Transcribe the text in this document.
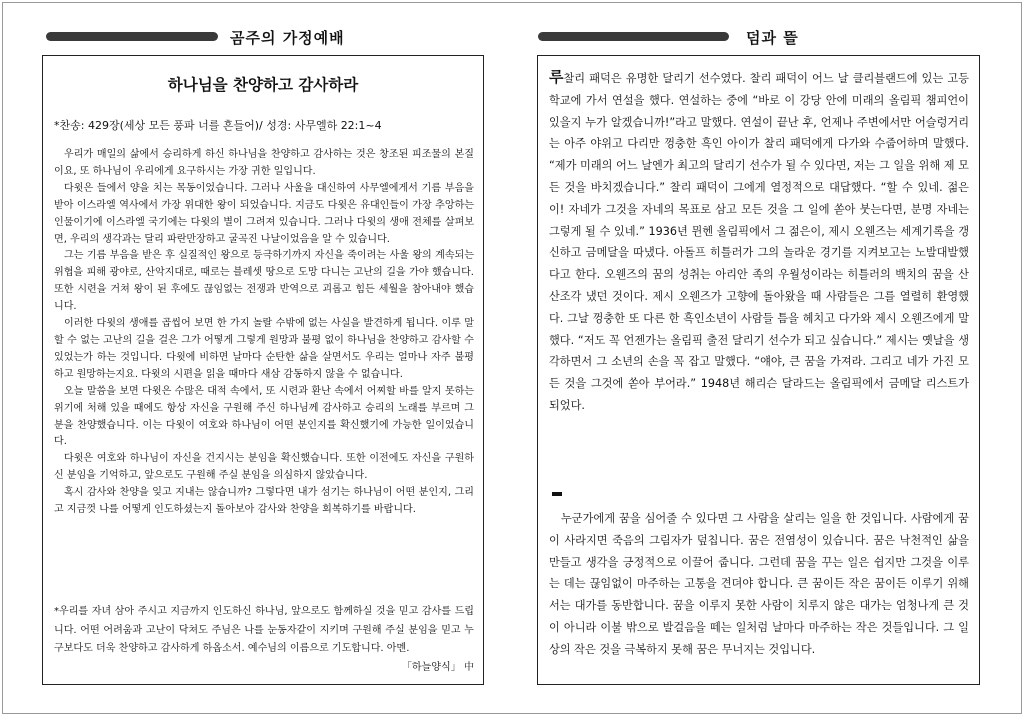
곰주의 가정예배	덤과 뜰
하나님을 찬양하고 감사하라
*찬송: 429장(세상 모든 풍파 너를 흔들어)/ 성경: 사무엘하 22:1~4

우리가 매일의 삶에서 승리하게 하신 하나님을 찬양하고 감사하는 것은 창조된 피조물의 본질이요, 또 하나님이 우리에게 요구하시는 가장 귀한 일입니다.

다윗은 들에서 양을 치는 목동이었습니다. 그러나 사울을 대신하여 사무엘에게서 기름 부음을 받아 이스라엘 역사에서 가장 위대한 왕이 되었습니다. 지금도 다윗은 유대인들이 가장 추앙하는 인물이기에 이스라엘 국기에는 다윗의 별이 그려져 있습니다. 그러나 다윗의 생애 전체를 살펴보면, 우리의 생각과는 달리 파란만장하고 굴곡진 나날이었음을 알 수 있습니다.

그는 기름 부음을 받은 후 실질적인 왕으로 등극하기까지 자신을 죽이려는 사울 왕의 계속되는 위협을 피해 광야로, 산악지대로, 때로는 블레셋 땅으로 도망 다니는 고난의 길을 가야 했습니다. 또한 시련을 거쳐 왕이 된 후에도 끊임없는 전쟁과 반역으로 괴롭고 힘든 세월을 참아내야 했습니다.

이러한 다윗의 생애를 곱씹어 보면 한 가지 놀랄 수밖에 없는 사실을 발견하게 됩니다. 이루 말할 수 없는 고난의 길을 걸은 그가 어떻게 그렇게 원망과 불평 없이 하나님을 찬양하고 감사할 수 있었는가 하는 것입니다. 다윗에 비하면 날마다 순탄한 삶을 살면서도 우리는 얼마나 자주 불평하고 원망하는지요. 다윗의 시편을 읽을 때마다 새삼 감동하지 않을 수 없습니다.

오늘 말씀을 보면 다윗은 수많은 대적 속에서, 또 시련과 환난 속에서 어찌할 바를 알지 못하는 위기에 처해 있을 때에도 항상 자신을 구원해 주신 하나님께 감사하고 승리의 노래를 부르며 그분을 찬양했습니다. 이는 다윗이 여호와 하나님이 어떤 분인지를 확신했기에 가능한 일이었습니다.

다윗은 여호와 하나님이 자신을 건지시는 분임을 확신했습니다. 또한 이전에도 자신을 구원하신 분임을 기억하고, 앞으로도 구원해 주실 분임을 의심하지 않았습니다.

혹시 감사와 찬양을 잊고 지내는 않습니까? 그렇다면 내가 섬기는 하나님이 어떤 분인지, 그리고 지금껏 나를 어떻게 인도하셨는지 돌아보아 감사와 찬양을 회복하기를 바랍니다.

*우리를 자녀 삼아 주시고 지금까지 인도하신 하나님, 앞으로도 함께하실 것을 믿고 감사를 드립니다. 어떤 어려움과 고난이 닥쳐도 주님은 나를 눈동자같이 지키며 구원해 주실 분임을 믿고 누구보다도 더욱 찬양하고 감사하게 하옵소서. 예수님의 이름으로 기도합니다. 아멘.
「하늘양식」 中
루찰리 패덕은 유명한 달리기 선수였다. 찰리 패덕이 어느 날 클리블랜드에 있는 고등학교에 가서 연설을 했다. 연설하는 중에 “바로 이 강당 안에 미래의 올림픽 챔피언이 있을지 누가 알겠습니까!”라고 말했다. 연설이 끝난 후, 언제나 주변에서만 어슬렁거리는 아주 야위고 다리만 껑충한 흑인 아이가 찰리 패덕에게 다가와 수줍어하며 말했다. “제가 미래의 어느 날엔가 최고의 달리기 선수가 될 수 있다면, 저는 그 일을 위해 제 모든 것을 바치겠습니다.” 찰리 패덕이 그에게 열정적으로 대답했다. “할 수 있네. 젊은이! 자네가 그것을 자네의 목표로 삼고 모든 것을 그 일에 쏟아 붓는다면, 분명 자네는 그렇게 될 수 있네.” 1936년 뮌헨 올림픽에서 그 젊은이, 제시 오웬즈는 세계기록을 갱신하고 금메달을 따냈다. 아돌프 히틀러가 그의 놀라운 경기를 지켜보고는 노발대발했다고 한다. 오웬즈의 꿈의 성취는 아리안 족의 우월성이라는 히틀러의 백치의 꿈을 산산조각 냈던 것이다. 제시 오웬즈가 고향에 돌아왔을 때 사람들은 그를 열렬히 환영했다. 그날 껑충한 또 다른 한 흑인소년이 사람들 틈을 헤치고 다가와 제시 오웬즈에게 말했다. “저도 꼭 언젠가는 올림픽 출전 달리기 선수가 되고 싶습니다.” 제시는 옛날을 생각하면서 그 소년의 손을 꼭 잡고 말했다. “얘야, 큰 꿈을 가져라. 그리고 네가 가진 모든 것을 그것에 쏟아 부어라.” 1948년 해리슨 달라드는 올림픽에서 금메달 리스트가 되었다.

누군가에게 꿈을 심어줄 수 있다면 그 사람을 살리는 일을 한 것입니다. 사람에게 꿈이 사라지면 죽음의 그림자가 덮칩니다. 꿈은 전염성이 있습니다. 꿈은 낙천적인 삶을 만들고 생각을 긍정적으로 이끌어 줍니다. 그런데 꿈을 꾸는 일은 쉽지만 그것을 이루는 데는 끊임없이 마주하는 고통을 견뎌야 합니다. 큰 꿈이든 작은 꿈이든 이루기 위해서는 대가를 동반합니다. 꿈을 이루지 못한 사람이 치루지 않은 대가는 엄청나게 큰 것이 아니라 이불 밖으로 발걸음을 떼는 일처럼 날마다 마주하는 작은 것들입니다. 그 일상의 작은 것을 극복하지 못해 꿈은 무너지는 것입니다.
